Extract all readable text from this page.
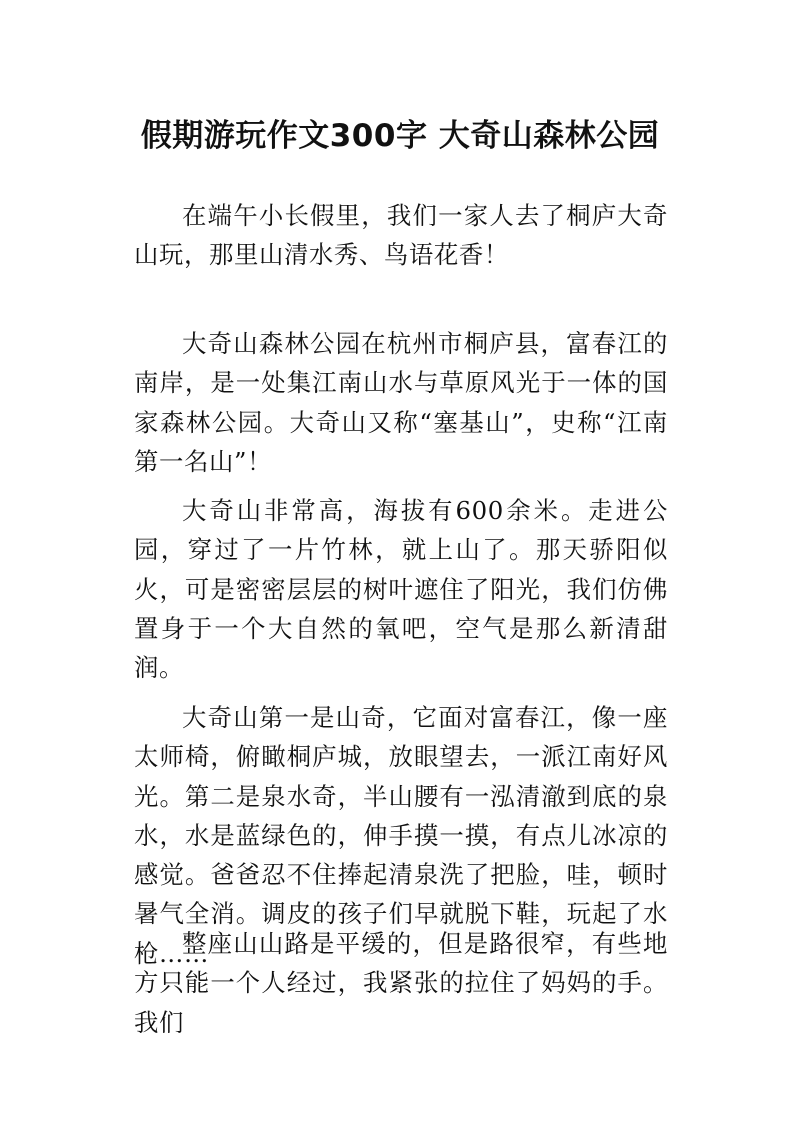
假期游玩作文300字 大奇山森林公园

在端午小长假里，我们一家人去了桐庐大奇山玩，那里山清水秀、鸟语花香！

大奇山森林公园在杭州市桐庐县，富春江的南岸，是一处集江南山水与草原风光于一体的国家森林公园。大奇山又称“塞基山”，史称“江南第一名山”！

大奇山非常高，海拔有600余米。走进公园，穿过了一片竹林，就上山了。那天骄阳似火，可是密密层层的树叶遮住了阳光，我们仿佛置身于一个大自然的氧吧，空气是那么新清甜润。

大奇山第一是山奇，它面对富春江，像一座太师椅，俯瞰桐庐城，放眼望去，一派江南好风光。第二是泉水奇，半山腰有一泓清澈到底的泉水，水是蓝绿色的，伸手摸一摸，有点儿冰凉的感觉。爸爸忍不住捧起清泉洗了把脸，哇，顿时暑气全消。调皮的孩子们早就脱下鞋，玩起了水枪……

整座山山路是平缓的，但是路很窄，有些地方只能一个人经过，我紧张的拉住了妈妈的手。我们
